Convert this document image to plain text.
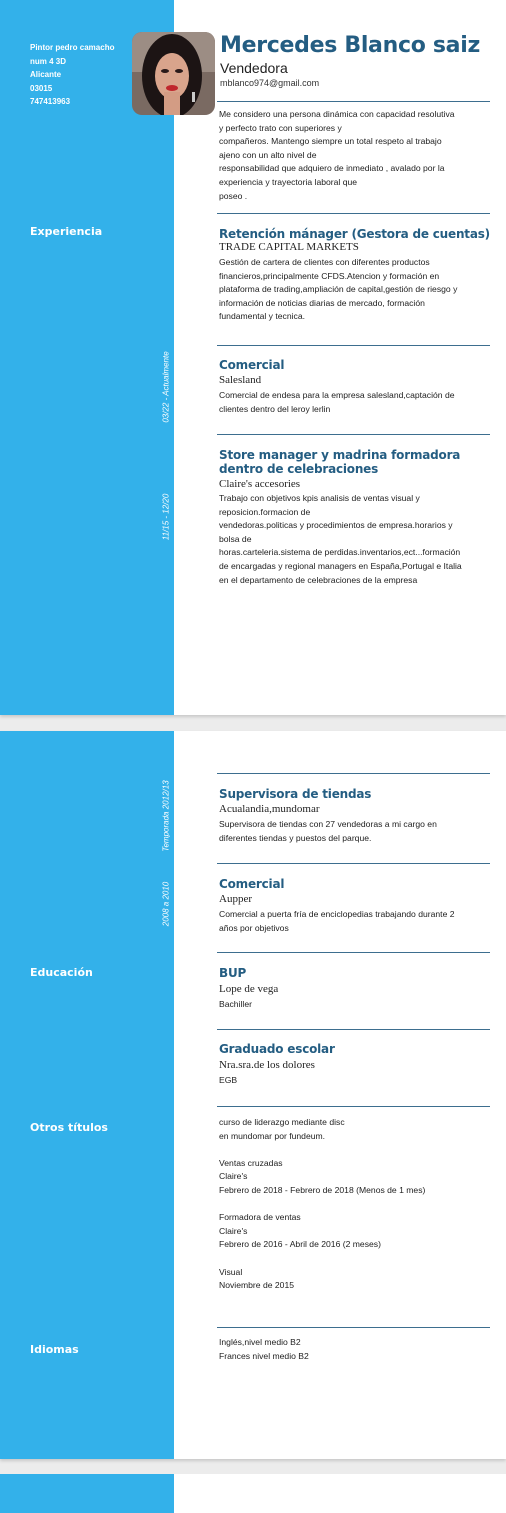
Pintor pedro camacho
num 4 3D
Alicante
03015
747413963
Mercedes Blanco saiz
Vendedora
mblanco974@gmail.com
Me considero una persona dinámica con capacidad resolutiva
y perfecto trato con superiores y
compañeros. Mantengo siempre un total respeto al trabajo
ajeno con un alto nivel de
responsabilidad que adquiero de inmediato , avalado por la
experiencia y trayectoria laboral que
poseo .
Experiencia	Retención mánager (Gestora de cuentas)
TRADE CAPITAL MARKETS
Gestión de cartera de clientes con diferentes productos
financieros,principalmente CFDS.Atencion y formación en
plataforma de trading,ampliación de capital,gestión de riesgo y
información de noticias diarias de mercado, formación
fundamental y tecnica.
03/22 - Actualmente	Comercial
Salesland
Comercial de endesa para la empresa salesland,captación de
clientes dentro del leroy lerlin
11/15 - 12/20
Store manager y madrina formadora dentro de celebraciones
Claire's accesories
Trabajo con objetivos kpis analisis de ventas visual y
reposicion.formacion de
vendedoras.politicas y procedimientos de empresa.horarios y
bolsa de
horas.carteleria.sistema de perdidas.inventarios,ect...formación
de encargadas y regional managers en España,Portugal e Italia
en el departamento de celebraciones de la empresa
Temporada 2012/13	Supervisora de tiendas
Acualandia,mundomar
Supervisora de tiendas con 27 vendedoras a mi cargo en
diferentes tiendas y puestos del parque.
2008 a 2010	Comercial
Aupper
Comercial a puerta fría de enciclopedias trabajando durante 2
años por objetivos
Educación	BUP
Lope de vega
Bachiller
Graduado escolar
Nra.sra.de los dolores
EGB
Otros títulos	curso de liderazgo mediante disc
en mundomar por fundeum.
Ventas cruzadas
Claire's
Febrero de 2018 - Febrero de 2018 (Menos de 1 mes)
Formadora de ventas
Claire's
Febrero de 2016 - Abril de 2016 (2 meses)
Visual
Noviembre de 2015
Idiomas
Inglés,nivel medio B2
Frances nivel medio B2
